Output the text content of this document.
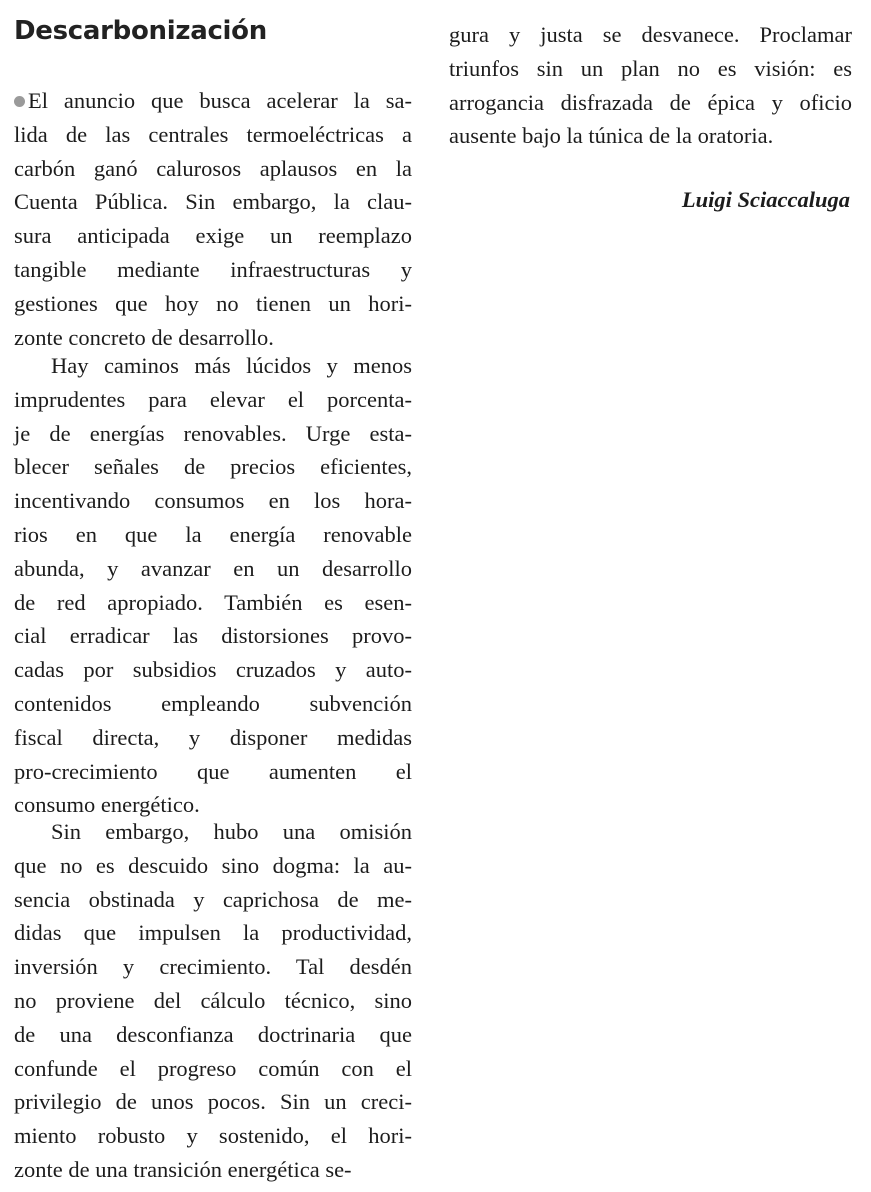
Descarbonización
El anuncio que busca acelerar la sa-
lida de las centrales termoeléctricas a
carbón ganó calurosos aplausos en la
Cuenta Pública. Sin embargo, la clau-
sura anticipada exige un reemplazo
tangible mediante infraestructuras y
gestiones que hoy no tienen un hori-
zonte concreto de desarrollo.
Hay caminos más lúcidos y menos
imprudentes para elevar el porcenta-
je de energías renovables. Urge esta-
blecer señales de precios eficientes,
incentivando consumos en los hora-
rios en que la energía renovable
abunda, y avanzar en un desarrollo
de red apropiado. También es esen-
cial erradicar las distorsiones provo-
cadas por subsidios cruzados y auto-
contenidos empleando subvención
fiscal directa, y disponer medidas
pro-crecimiento que aumenten el
consumo energético.
Sin embargo, hubo una omisión
que no es descuido sino dogma: la au-
sencia obstinada y caprichosa de me-
didas que impulsen la productividad,
inversión y crecimiento. Tal desdén
no proviene del cálculo técnico, sino
de una desconfianza doctrinaria que
confunde el progreso común con el
privilegio de unos pocos. Sin un creci-
miento robusto y sostenido, el hori-
zonte de una transición energética se-
gura y justa se desvanece. Proclamar
triunfos sin un plan no es visión: es
arrogancia disfrazada de épica y oficio
ausente bajo la túnica de la oratoria.

Luigi Sciaccaluga
